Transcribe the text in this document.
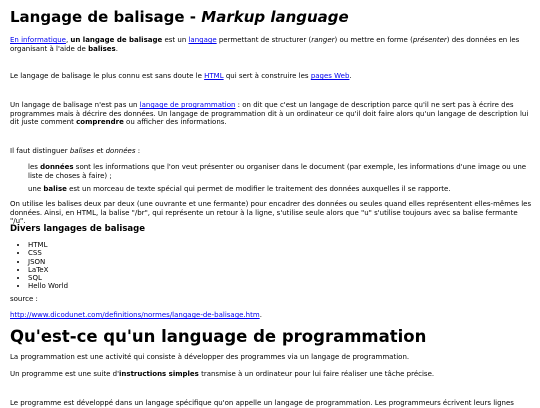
Langage de balisage - Markup language

En informatique, un langage de balisage est un langage permettant de structurer (ranger) ou mettre en forme (présenter) des données en les organisant à l'aide de balises.

Le langage de balisage le plus connu est sans doute le HTML qui sert à construire les pages Web.

Un langage de balisage n'est pas un langage de programmation : on dit que c'est un langage de description parce qu'il ne sert pas à écrire des programmes mais à décrire des données. Un langage de programmation dit à un ordinateur ce qu'il doit faire alors qu'un langage de description lui dit juste comment comprendre ou afficher des informations.

Il faut distinguer balises et données :

les données sont les informations que l'on veut présenter ou organiser dans le document (par exemple, les informations d'une image ou une liste de choses à faire) ;

une balise est un morceau de texte spécial qui permet de modifier le traitement des données auxquelles il se rapporte.

On utilise les balises deux par deux (une ouvrante et une fermante) pour encadrer des données ou seules quand elles représentent elles-mêmes les données. Ainsi, en HTML, la balise "/br", qui représente un retour à la ligne, s'utilise seule alors que "u" s'utilise toujours avec sa balise fermante "/u".

Divers langages de balisage
• HTML
• CSS
• JSON
• LaTeX
• SQL
• Hello World

source :

http://www.dicodunet.com/definitions/normes/langage-de-balisage.htm.

Qu'est-ce qu'un language de programmation

La programmation est une activité qui consiste à développer des programmes via un langage de programmation.

Un programme est une suite d'instructions simples transmise à un ordinateur pour lui faire réaliser une tâche précise.

Le programme est développé dans un langage spécifique qu'on appelle un langage de programmation. Les programmeurs écrivent leurs lignes
